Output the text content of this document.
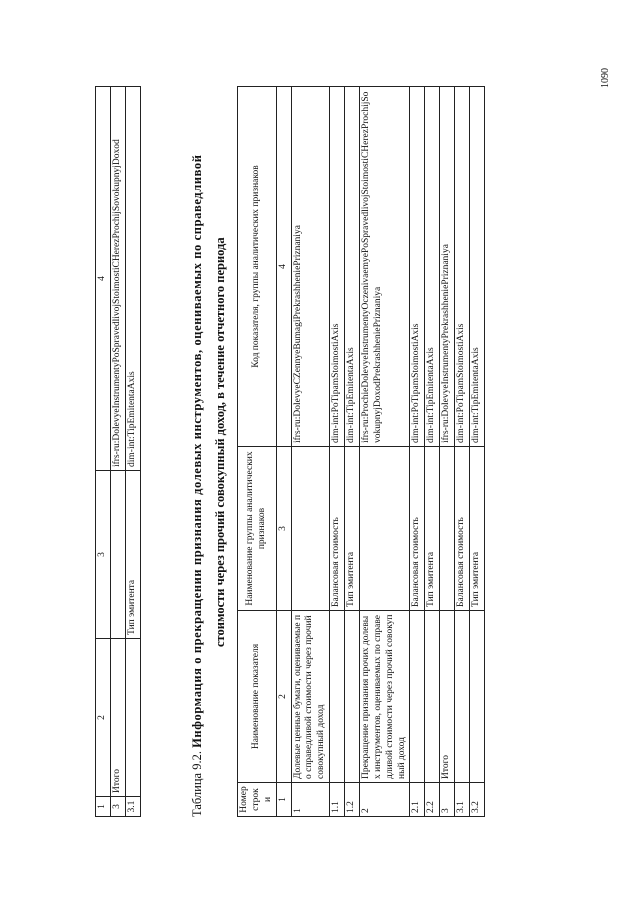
1	2	3	4
3	Итого		ifrs-ru:DolevyeInstrumentyPoSpravedlivojStoimostiCHerezProchijSovokupnyjDoxod
3.1		Тип эмитента	dim-int:TipEmitentaAxis
Таблица 9.2. Информация о прекращении признания долевых инструментов, оцениваемых по справедливой стоимости через прочий совокупный доход, в течение отчетного периода
Номер строки	Наименование показателя	Наименование группы аналитических признаков	Код показателя, группы аналитических признаков
1	2	3	4
1	Долевые ценные бумаги, оцениваемые по справедливой стоимости через прочий совокупный доход		ifrs-ru:DolevyeCZennyeBumagiPrekrashheniePriznaniya
1.1		Балансовая стоимость	dim-int:PoTipamStoimostiAxis
1.2		Тип эмитента	dim-int:TipEmitentaAxis
2	Прекращение признания прочих долевых инструментов, оцениваемых по справедливой стоимости через прочий совокупный доход		ifrs-ru:ProchieDolevyeInstrumentyOczenivaemyePoSpravedlivojStoimostiCHerezProchijSovokupnyjDoxodPrekrashheniePriznaniya
2.1		Балансовая стоимость	dim-int:PoTipamStoimostiAxis
2.2		Тип эмитента	dim-int:TipEmitentaAxis
3	Итого		ifrs-ru:DolevyeInstrumentyPrekrashheniePriznaniya
3.1		Балансовая стоимость	dim-int:PoTipamStoimostiAxis
3.2		Тип эмитента	dim-int:TipEmitentaAxis
1090
